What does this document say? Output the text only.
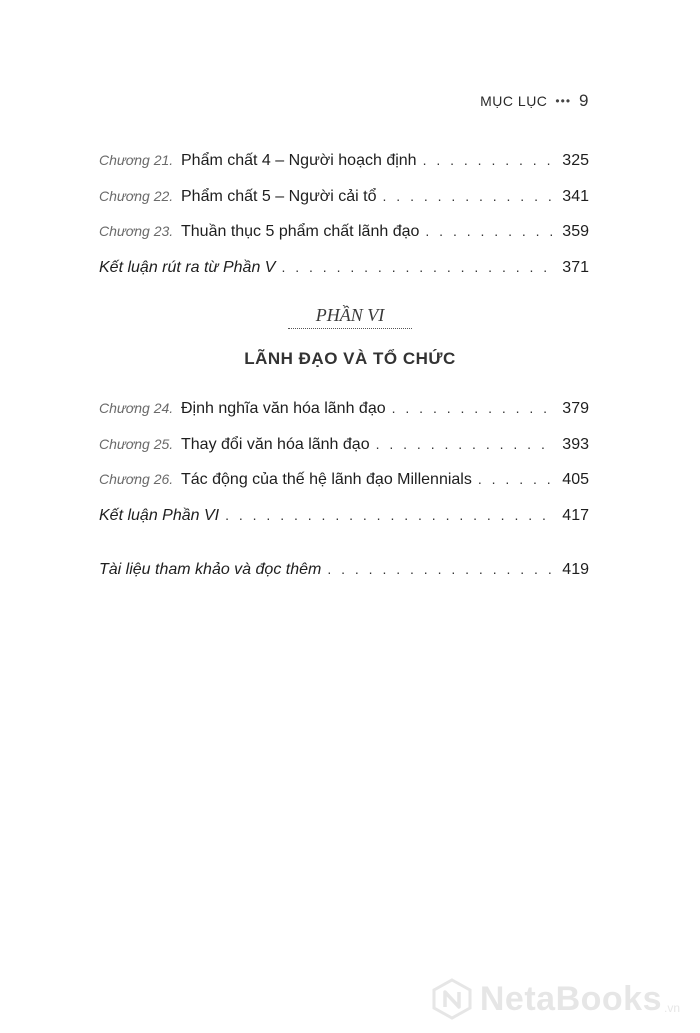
MỤC LỤC ••• 9
Chương 21. Phẩm chất 4 – Người hoạch định . . .	325
Chương 22. Phẩm chất 5 – Người cải tổ . . .	341
Chương 23. Thuần thục 5 phẩm chất lãnh đạo . . .	359
Kết luận rút ra từ Phần V . . .	371
PHẦN VI
LÃNH ĐẠO VÀ TỔ CHỨC
Chương 24. Định nghĩa văn hóa lãnh đạo . . .	379
Chương 25. Thay đổi văn hóa lãnh đạo . . .	393
Chương 26. Tác động của thế hệ lãnh đạo Millennials . . .	405
Kết luận Phần VI . . .	417
Tài liệu tham khảo và đọc thêm . . .	419
NetaBooks .vn
